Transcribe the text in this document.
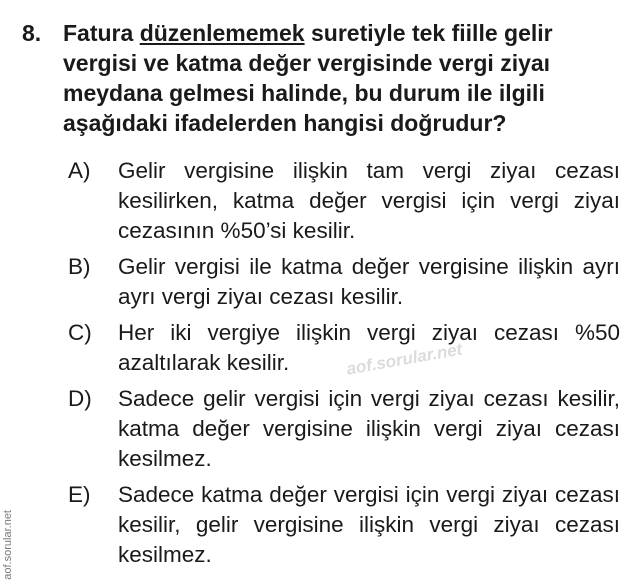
8. Fatura düzenlememek suretiyle tek fiille gelir vergisi ve katma değer vergisinde vergi ziyaı meydana gelmesi halinde, bu durum ile ilgili aşağıdaki ifadelerden hangisi doğrudur?
A) Gelir vergisine ilişkin tam vergi ziyaı cezası kesilirken, katma değer vergisi için vergi ziyaı cezasının %50’si kesilir.
B) Gelir vergisi ile katma değer vergisine ilişkin ayrı ayrı vergi ziyaı cezası kesilir.
C) Her iki vergiye ilişkin vergi ziyaı cezası %50 azaltılarak kesilir.
D) Sadece gelir vergisi için vergi ziyaı cezası kesilir, katma değer vergisine ilişkin vergi ziyaı cezası kesilmez.
E) Sadece katma değer vergisi için vergi ziyaı cezası kesilir, gelir vergisine ilişkin vergi ziyaı cezası kesilmez.
aof.sorular.net
aof.sorular.net
